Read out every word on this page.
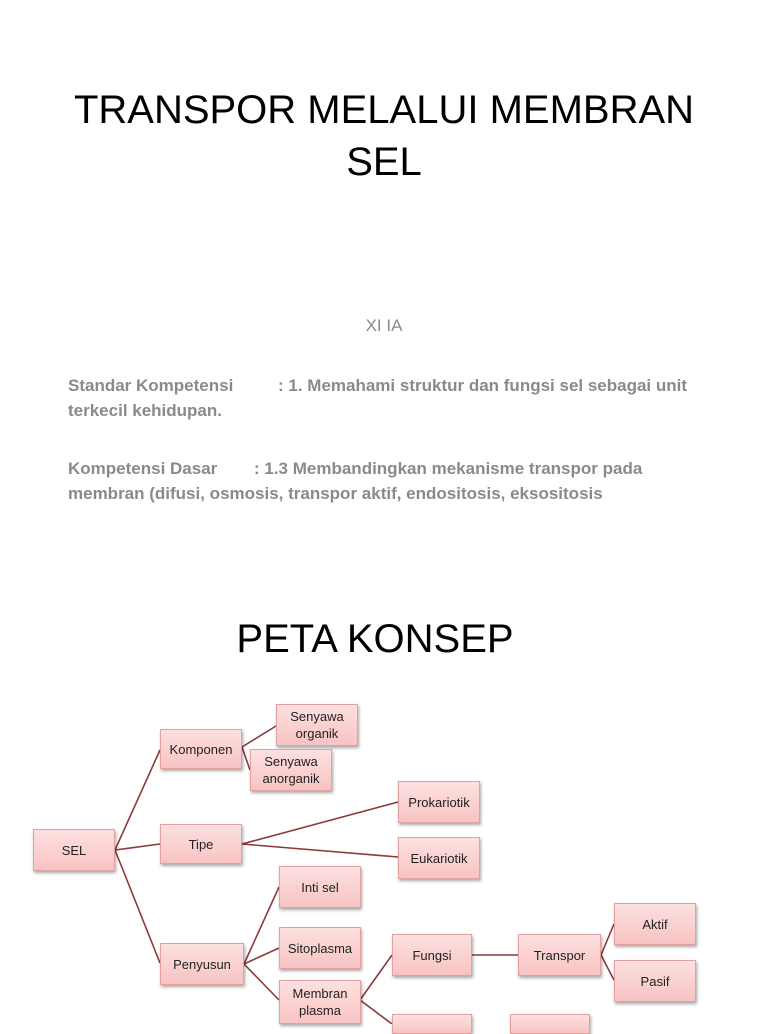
TRANSPOR MELALUI MEMBRAN SEL
XI IA
Standar Kompetensi	: 1. Memahami struktur dan fungsi sel sebagai unit terkecil kehidupan.
Kompetensi Dasar : 1.3 Membandingkan mekanisme transpor pada membran (difusi, osmosis, transpor aktif, endositosis, eksositosis
PETA KONSEP
SEL
Komponen
Senyawa organik
Senyawa anorganik
Tipe
Prokariotik
Eukariotik
Penyusun
Inti sel
Sitoplasma
Membran plasma
Fungsi	Transpor
Aktif
Pasif
